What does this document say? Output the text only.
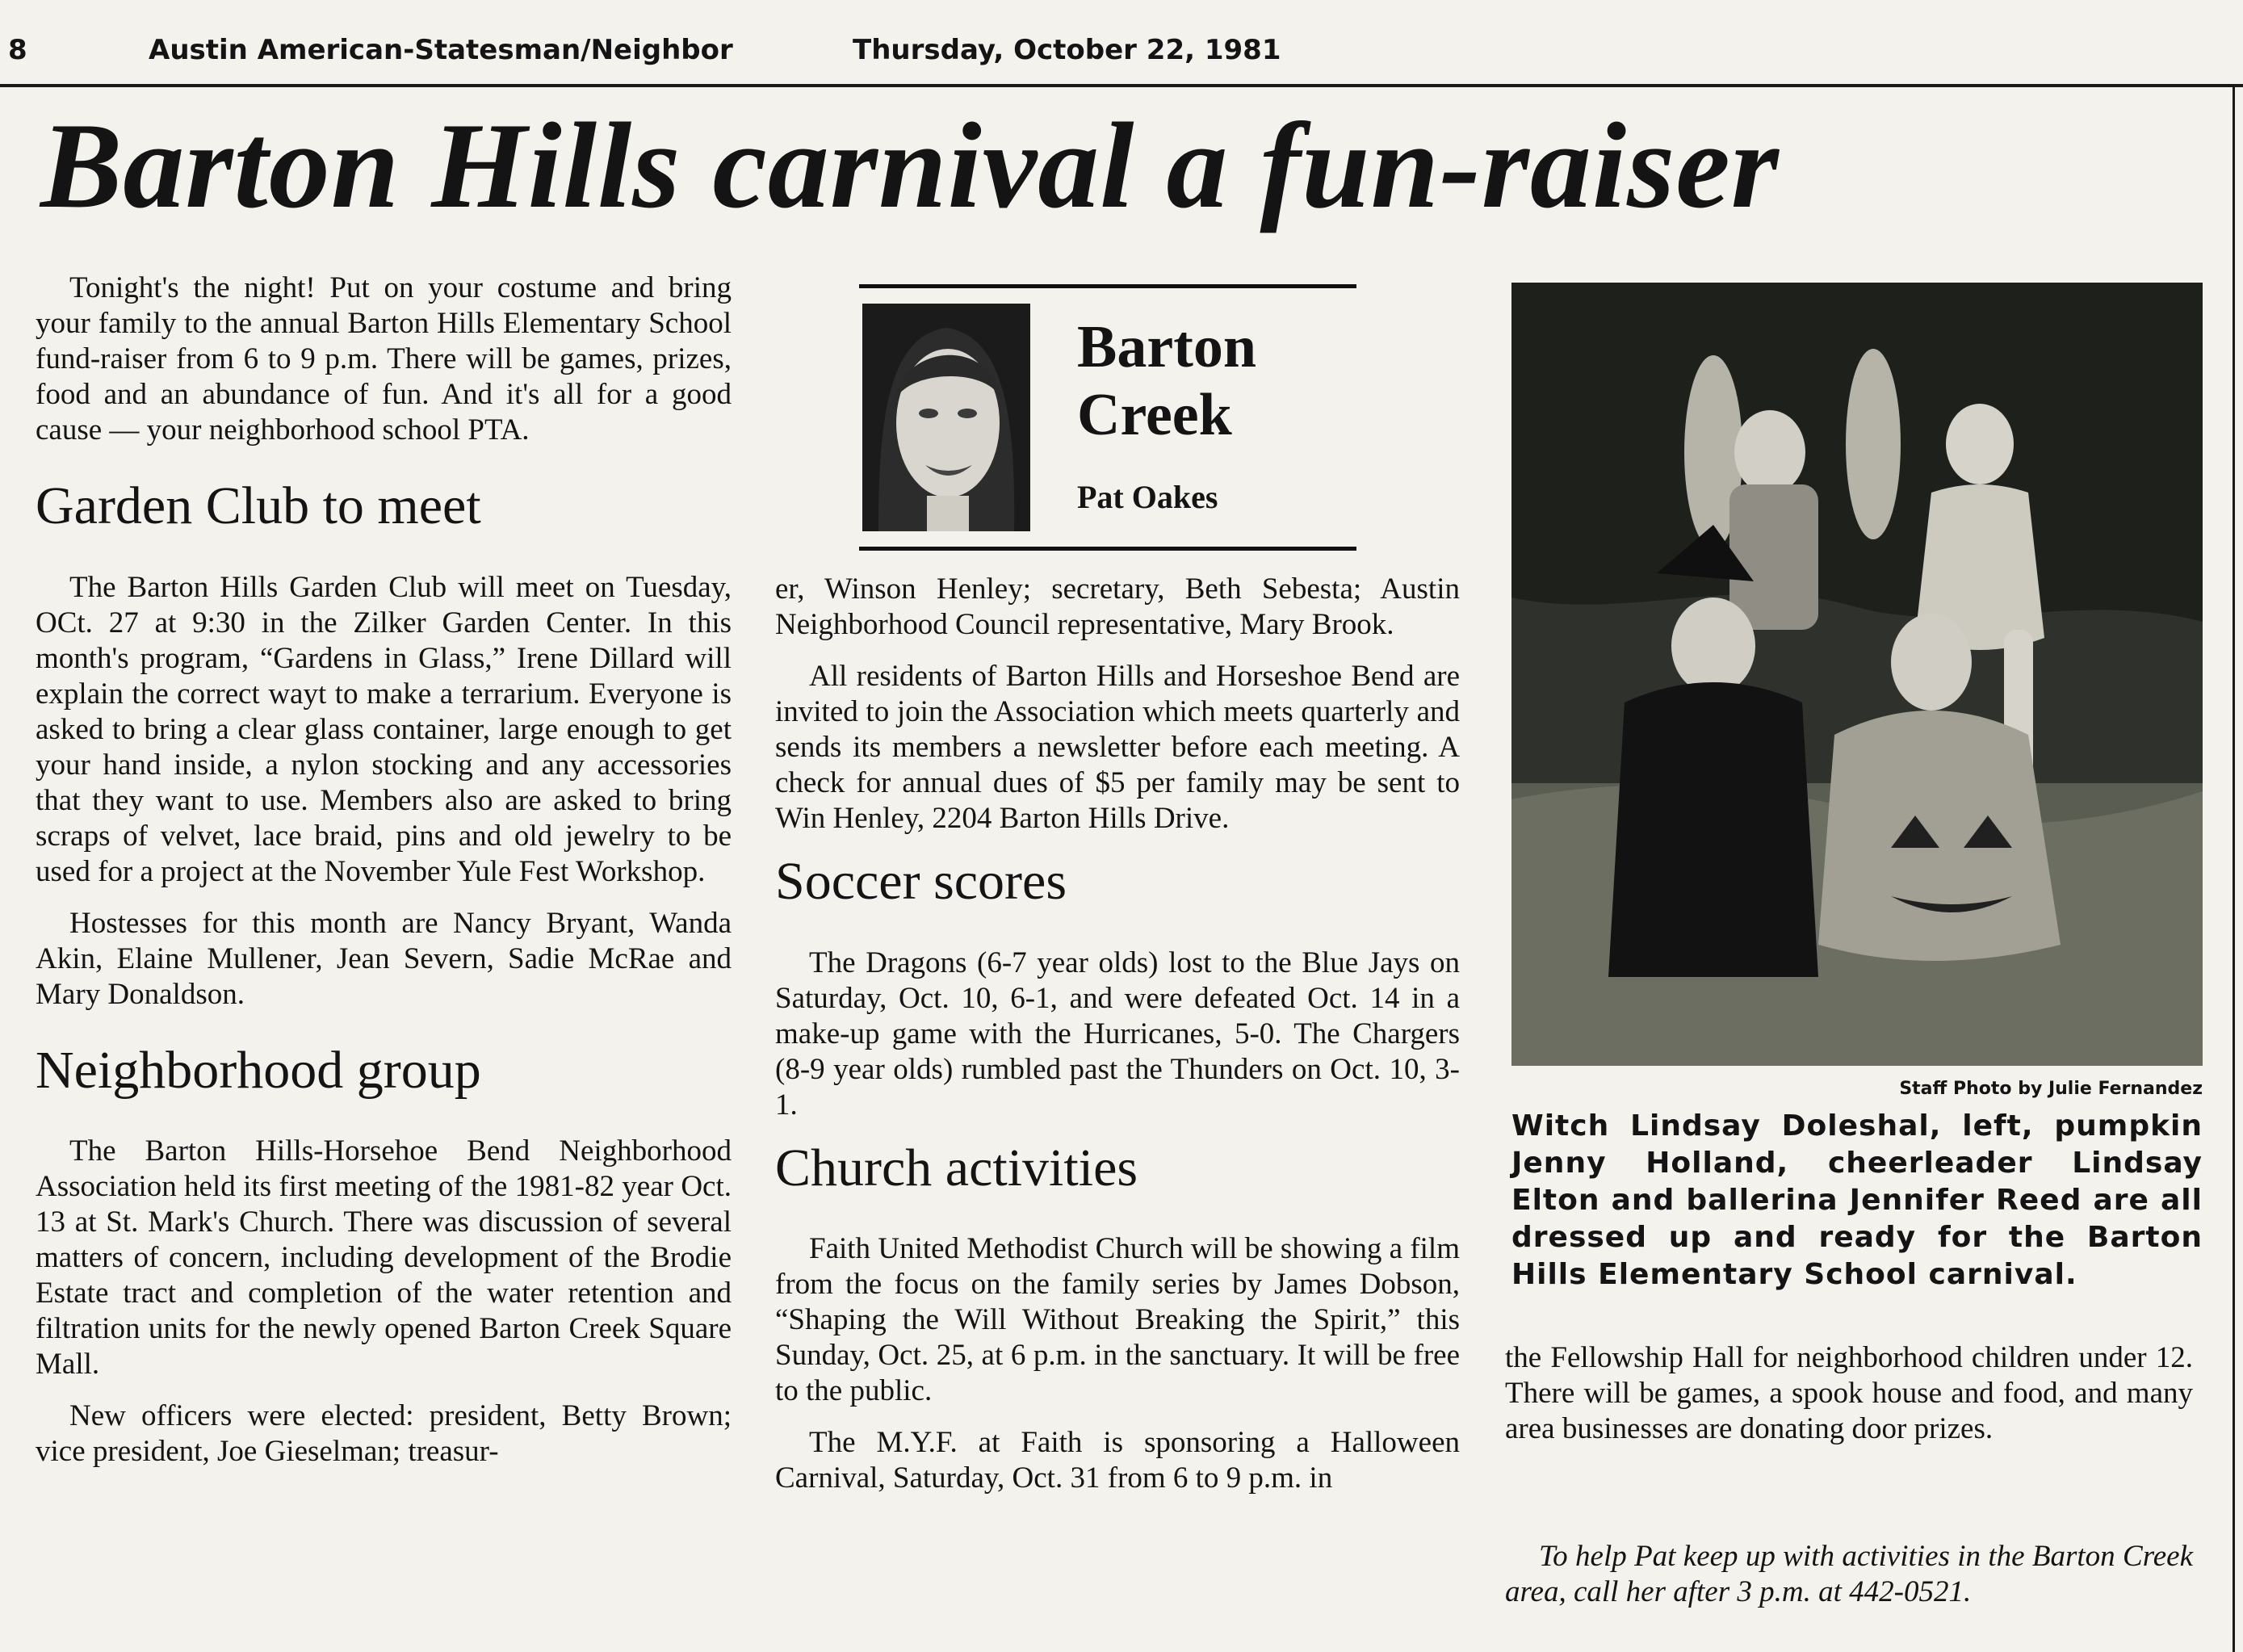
8	Austin American-Statesman/Neighbor	Thursday, October 22, 1981
Barton Hills carnival a fun-raiser

Tonight's the night! Put on your costume and bring your family to the annual Barton Hills Elementary School fund-raiser from 6 to 9 p.m. There will be games, prizes, food and an abundance of fun. And it's all for a good cause — your neighborhood school PTA.

Garden Club to meet

The Barton Hills Garden Club will meet on Tuesday, OCt. 27 at 9:30 in the Zilker Garden Center. In this month's program, “Gardens in Glass,” Irene Dillard will explain the correct wayt to make a terrarium. Everyone is asked to bring a clear glass container, large enough to get your hand inside, a nylon stocking and any accessories that they want to use. Members also are asked to bring scraps of velvet, lace braid, pins and old jewelry to be used for a project at the November Yule Fest Workshop.

Hostesses for this month are Nancy Bryant, Wanda Akin, Elaine Mullener, Jean Severn, Sadie McRae and Mary Donaldson.

Neighborhood group

The Barton Hills-Horsehoe Bend Neighborhood Association held its first meeting of the 1981-82 year Oct. 13 at St. Mark's Church. There was discussion of several matters of concern, including development of the Brodie Estate tract and completion of the water retention and filtration units for the newly opened Barton Creek Square Mall.

New officers were elected: president, Betty Brown; vice president, Joe Gieselman; treasur-

Barton Creek
Pat Oakes

er, Winson Henley; secretary, Beth Sebesta; Austin Neighborhood Council representative, Mary Brook.

All residents of Barton Hills and Horseshoe Bend are invited to join the Association which meets quarterly and sends its members a newsletter before each meeting. A check for annual dues of $5 per family may be sent to Win Henley, 2204 Barton Hills Drive.

Soccer scores

The Dragons (6-7 year olds) lost to the Blue Jays on Saturday, Oct. 10, 6-1, and were defeated Oct. 14 in a make-up game with the Hurricanes, 5-0. The Chargers (8-9 year olds) rumbled past the Thunders on Oct. 10, 3-1.

Church activities

Faith United Methodist Church will be showing a film from the focus on the family series by James Dobson, “Shaping the Will Without Breaking the Spirit,” this Sunday, Oct. 25, at 6 p.m. in the sanctuary. It will be free to the public.

The M.Y.F. at Faith is sponsoring a Halloween Carnival, Saturday, Oct. 31 from 6 to 9 p.m. in

Staff Photo by Julie Fernandez

Witch Lindsay Doleshal, left, pumpkin Jenny Holland, cheerleader Lindsay Elton and ballerina Jennifer Reed are all dressed up and ready for the Barton Hills Elementary School carnival.

the Fellowship Hall for neighborhood children under 12. There will be games, a spook house and food, and many area businesses are donating door prizes.

To help Pat keep up with activities in the Barton Creek area, call her after 3 p.m. at 442-0521.
